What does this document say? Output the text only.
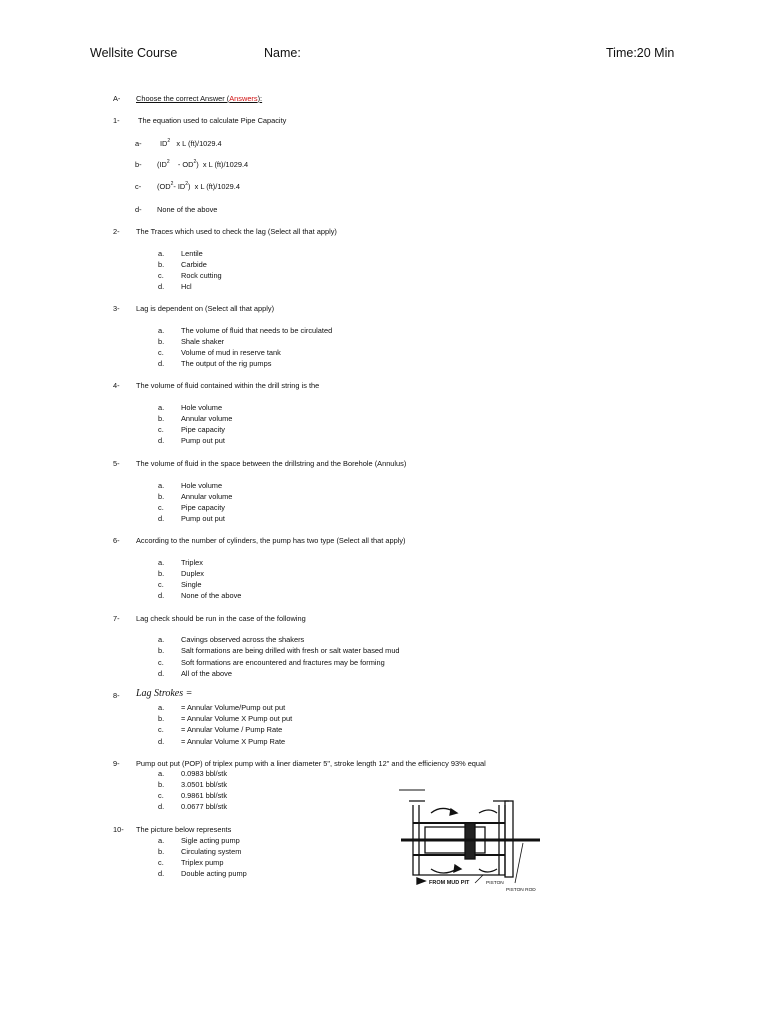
Wellsite Course	Name:	Time:20 Min
A- Choose the correct Answer (Answers):
1- The equation used to calculate Pipe Capacity
a- $ID^2$   x L (ft)/1029.4
b- ($ID^2$    - $OD^2$)  x L (ft)/1029.4
c- ($OD^2-$ $ID^2$)  x L (ft)/1029.4
d- None of the above
2- The Traces which used to check the lag (Select all that apply)
a. Lentile
b. Carbide
c. Rock cutting
d. Hcl
3- Lag is dependent on (Select all that apply)
a. The volume of fluid that needs to be circulated
b. Shale shaker
c. Volume of mud in reserve tank
d. The output of the rig pumps
4- The volume of fluid contained within the drill string is the
a. Hole volume
b. Annular volume
c. Pipe capacity
d. Pump out put
5- The volume of fluid in the space between the drillstring and the Borehole (Annulus)
a. Hole volume
b. Annular volume
c. Pipe capacity
d. Pump out put
6- According to the number of cylinders, the pump has two type (Select all that apply)
a. Triplex
b. Duplex
c. Single
d. None of the above
7- Lag check should be run in the case of the following
a. Cavings observed across the shakers
b. Salt formations are being drilled with fresh or salt water based mud
c. Soft formations are encountered and fractures may be forming
d. All of the above
8- Lag Strokes =
a. = Annular Volume/Pump out put
b. = Annular Volume X Pump out put
c. = Annular Volume / Pump Rate
d. = Annular Volume X Pump Rate
9- Pump out put (POP) of triplex pump with a liner diameter 5", stroke length 12" and the efficiency 93% equal
a. 0.0983 bbl/stk
b. 3.0501 bbl/stk
c. 0.9861 bbl/stk
d. 0.0677 bbl/stk
10- The picture below represents
a. Sigle acting pump
b. Circulating system
c. Triplex pump
d. Double acting pump
FROM MUD PIT	PISTON
PISTON ROD
